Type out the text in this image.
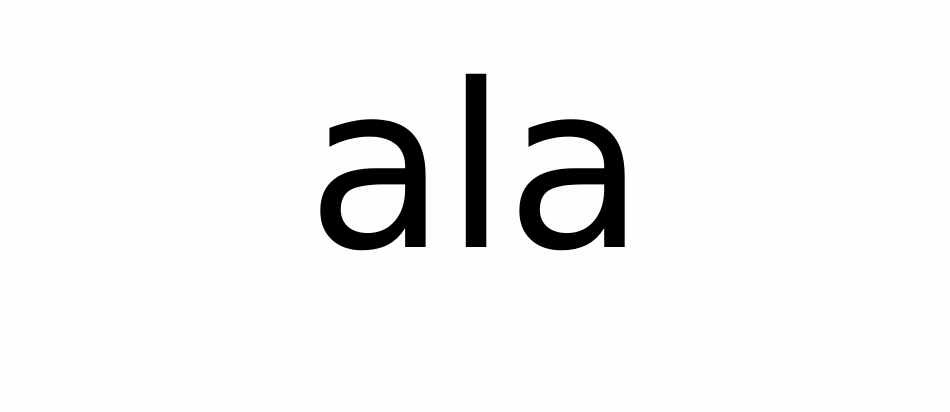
ala
